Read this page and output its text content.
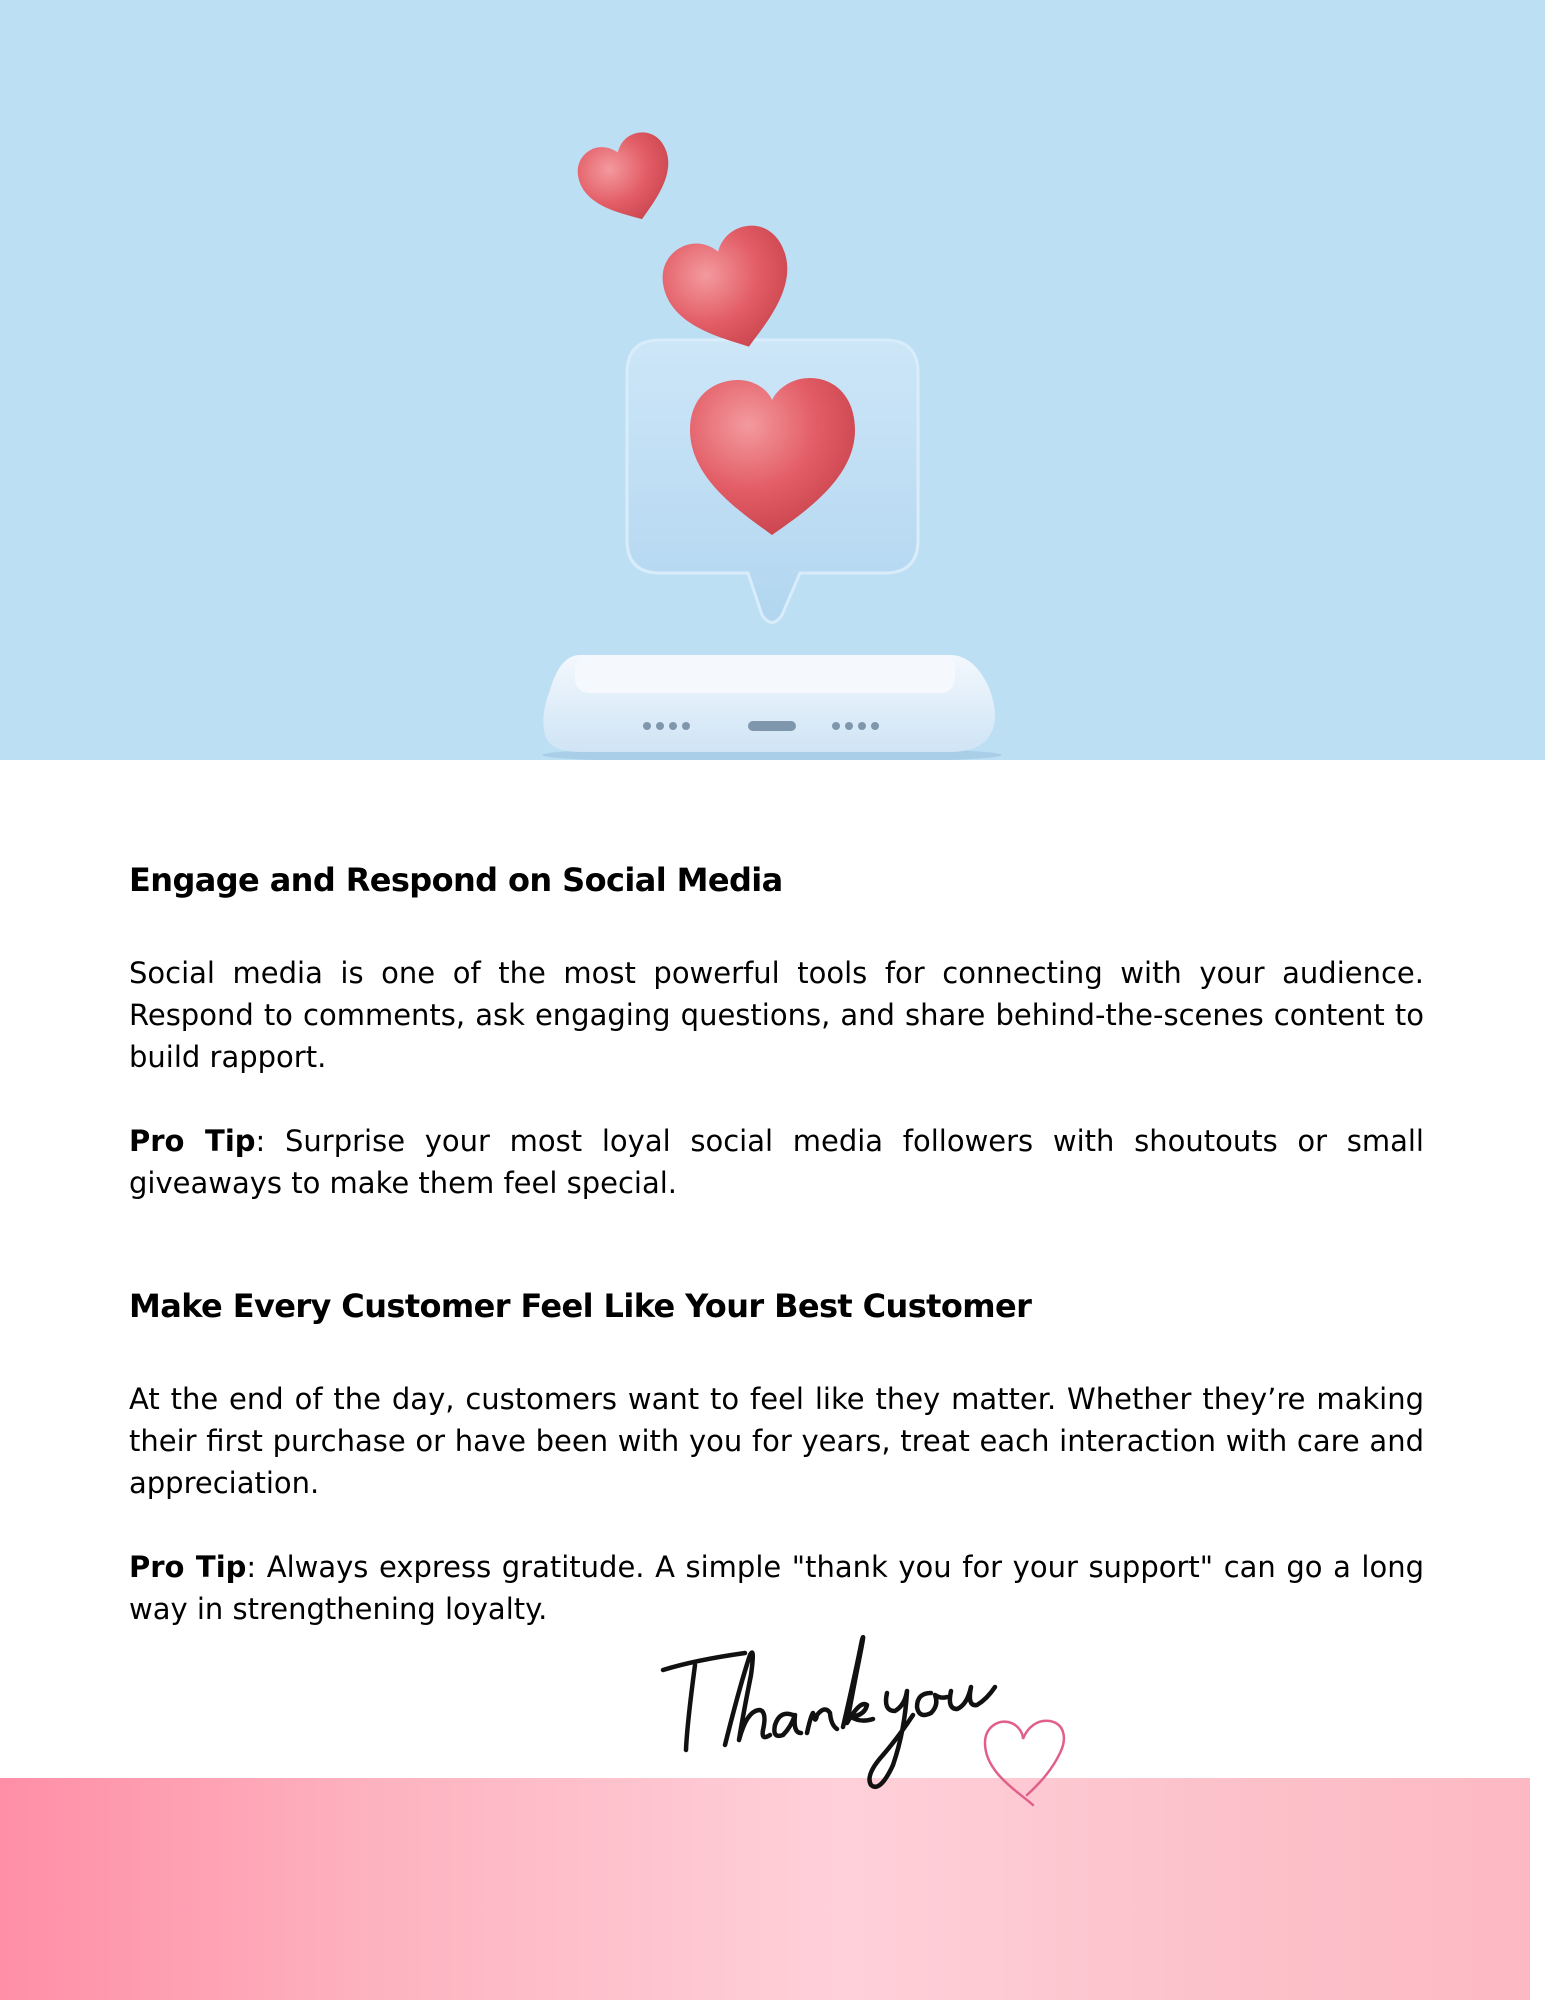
Engage and Respond on Social Media

Social media is one of the most powerful tools for connecting with your audience. Respond to comments, ask engaging questions, and share behind-the-scenes content to build rapport.

Pro Tip: Surprise your most loyal social media followers with shoutouts or small giveaways to make them feel special.

Make Every Customer Feel Like Your Best Customer

At the end of the day, customers want to feel like they matter. Whether they’re making their first purchase or have been with you for years, treat each interaction with care and appreciation.

Pro Tip: Always express gratitude. A simple "thank you for your support" can go a long way in strengthening loyalty.
